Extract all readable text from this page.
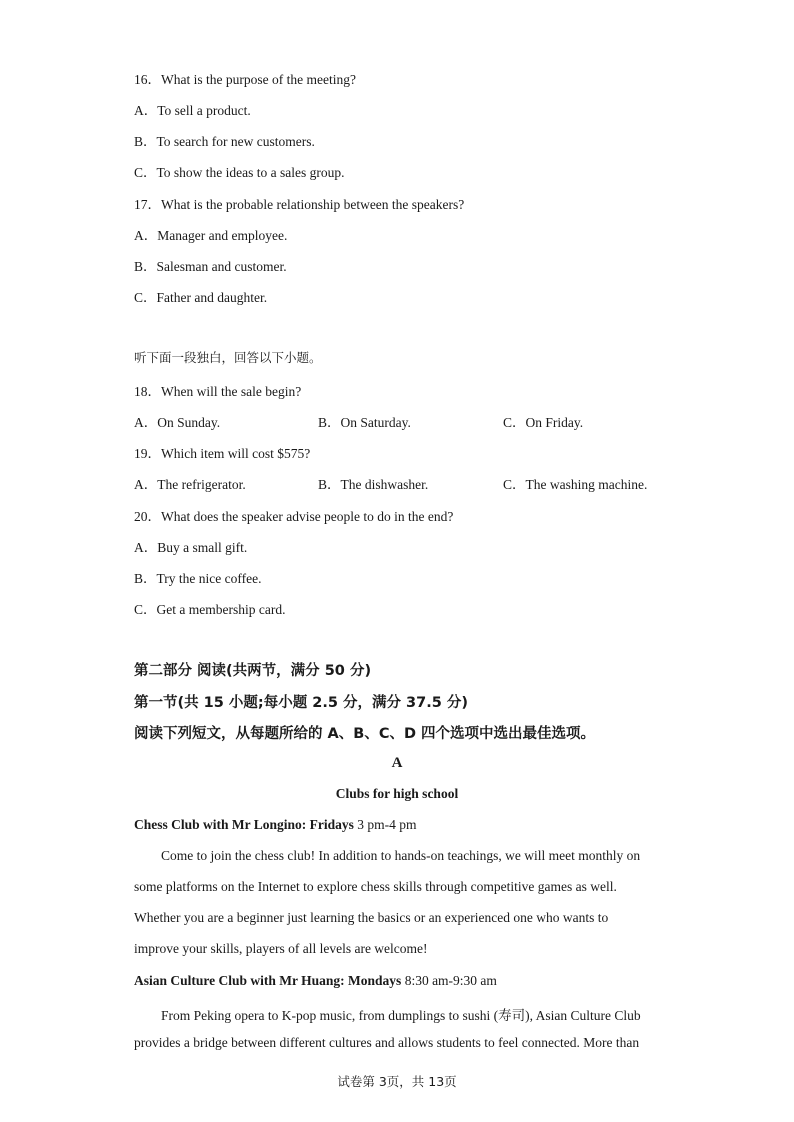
16．What is the purpose of the meeting?
A．To sell a product.
B．To search for new customers.
C．To show the ideas to a sales group.
17．What is the probable relationship between the speakers?
A．Manager and employee.
B．Salesman and customer.
C．Father and daughter.
听下面一段独白，回答以下小题。
18．When will the sale begin?
A．On Sunday.	B．On Saturday.	C．On Friday.
19．Which item will cost $575?
A．The refrigerator.	B．The dishwasher.	C．The washing machine.
20．What does the speaker advise people to do in the end?
A．Buy a small gift.
B．Try the nice coffee.
C．Get a membership card.
第二部分 阅读(共两节，满分 50 分)
第一节(共 15 小题;每小题 2.5 分，满分 37.5 分)
阅读下列短文，从每题所给的 A、B、C、D 四个选项中选出最佳选项。
A
Clubs for high school
Chess Club with Mr Longino: Fridays 3 pm-4 pm
Come to join the chess club! In addition to hands-on teachings, we will meet monthly on
some platforms on the Internet to explore chess skills through competitive games as well.
Whether you are a beginner just learning the basics or an experienced one who wants to
improve your skills, players of all levels are welcome!
Asian Culture Club with Mr Huang: Mondays 8:30 am-9:30 am
From Peking opera to K-pop music, from dumplings to sushi (寿司), Asian Culture Club
provides a bridge between different cultures and allows students to feel connected. More than
试卷第 3页，共 13页
